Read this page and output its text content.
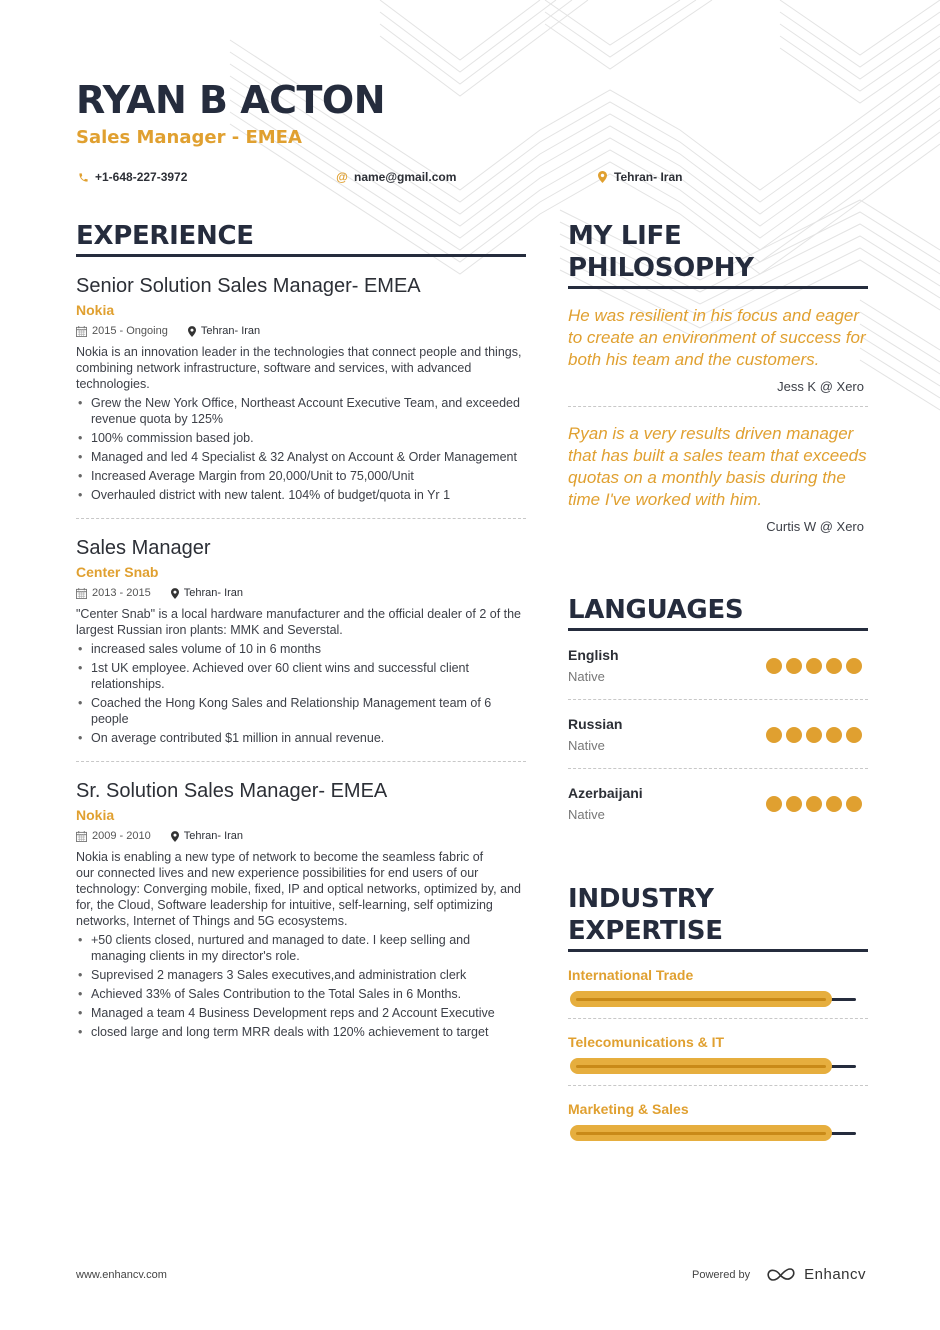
RYAN B ACTON
Sales Manager - EMEA
+1-648-227-3972	@ name@gmail.com	Tehran- Iran
EXPERIENCE
Senior Solution Sales Manager- EMEA
Nokia
2015 - Ongoing	Tehran- Iran
Nokia is an innovation leader in the technologies that connect people and things, combining network infrastructure, software and services, with advanced technologies.
• Grew the New York Office, Northeast Account Executive Team, and exceeded revenue quota by 125%
• 100% commission based job.
• Managed and led 4 Specialist & 32 Analyst on Account & Order Management
• Increased Average Margin from 20,000/Unit to 75,000/Unit
• Overhauled district with new talent. 104% of budget/quota in Yr 1
Sales Manager
Center Snab
2013 - 2015	Tehran- Iran
"Center Snab" is a local hardware manufacturer and the official dealer of 2 of the largest Russian iron plants: MMK and Severstal.
• increased sales volume of 10 in 6 months
• 1st UK employee. Achieved over 60 client wins and successful client relationships.
• Coached the Hong Kong Sales and Relationship Management team of 6 people
• On average contributed $1 million in annual revenue.
Sr. Solution Sales Manager- EMEA
Nokia
2009 - 2010	Tehran- Iran
Nokia is enabling a new type of network to become the seamless fabric of
our connected lives and new experience possibilities for end users of our
technology: Converging mobile, fixed, IP and optical networks, optimized by, and for, the Cloud, Software leadership for intuitive, self-learning, self optimizing
networks, Internet of Things and 5G ecosystems.
• +50 clients closed, nurtured and managed to date. I keep selling and managing clients in my director's role.
• Suprevised 2 managers 3 Sales executives,and administration clerk
• Achieved 33% of Sales Contribution to the Total Sales in 6 Months.
• Managed a team 4 Business Development reps and 2 Account Executive
• closed large and long term MRR deals with 120% achievement to target
MY LIFE PHILOSOPHY
He was resilient in his focus and eager to create an environment of success for both his team and the customers.
Jess K @ Xero
Ryan is a very results driven manager that has built a sales team that exceeds quotas on a monthly basis during the time I've worked with him.
Curtis W @ Xero
LANGUAGES
English
Native
Russian
Native
Azerbaijani
Native
INDUSTRY
EXPERTISE
International Trade
Telecomunications & IT
Marketing & Sales
www.enhancv.com	Powered by	Enhancv
